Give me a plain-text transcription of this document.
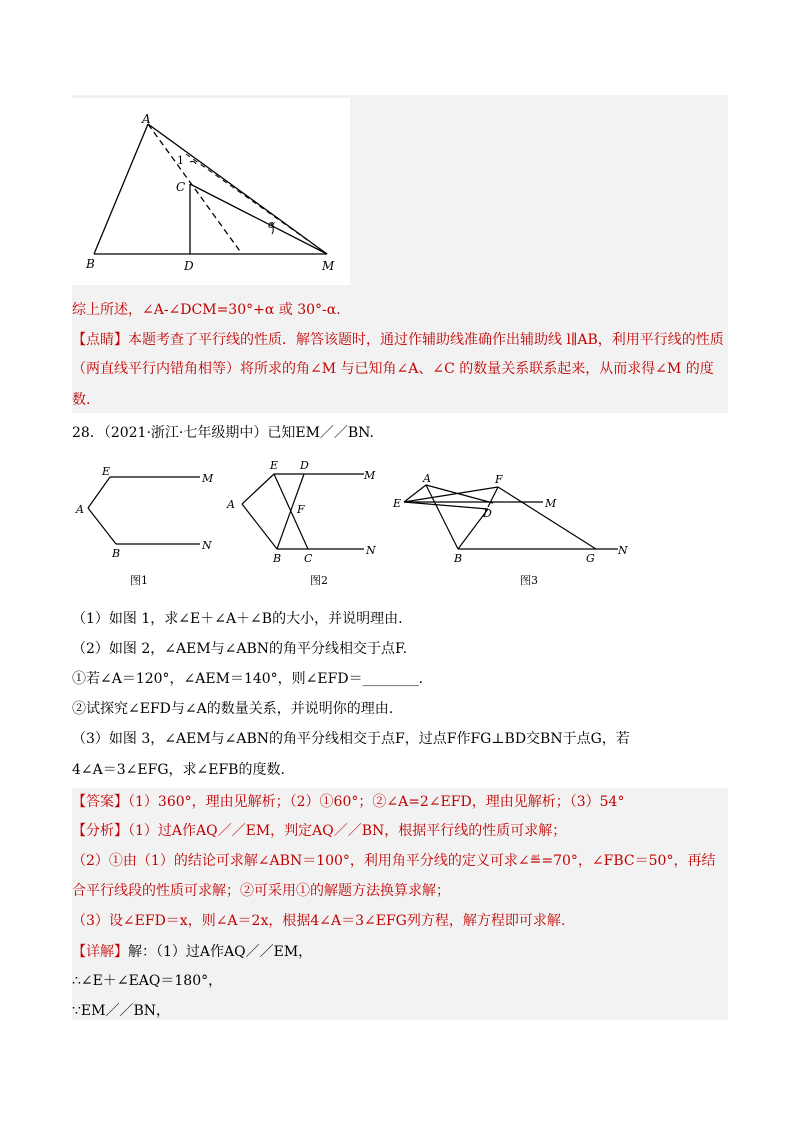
A
B
C
D	M
1
α
综上所述，∠A-∠DCM=30°+α 或 30°-α.
【点睛】本题考查了平行线的性质．解答该题时，通过作辅助线准确作出辅助线 l∥AB，利用平行线的性质
（两直线平行内错角相等）将所求的角∠M 与已知角∠A、∠C 的数量关系联系起来，从而求得∠M 的度
数.
28．（2021·浙江·七年级期中）已知EM／／BN.
E
M
A
B
N
图1
E D
M
A	F
B C
N
图2
A	F
E
D
M
B	G
N
图3
（1）如图 1，求∠E＋∠A＋∠B的大小，并说明理由.
（2）如图 2，∠AEM与∠ABN的角平分线相交于点F.
①若∠A＝120°，∠AEM＝140°，则∠EFD＝________.
②试探究∠EFD与∠A的数量关系，并说明你的理由.
（3）如图 3，∠AEM与∠ABN的角平分线相交于点F，过点F作FG⊥BD交BN于点G，若
4∠A＝3∠EFG，求∠EFB的度数.
【答案】（1）360°，理由见解析；（2）①60°；②∠A=2∠EFD，理由见解析；（3）54°
【分析】（1）过A作AQ／／EM，判定AQ／／BN，根据平行线的性质可求解；
（2）①由（1）的结论可求解∠ABN＝100°，利用角平分线的定义可求∠≝=70°，∠FBC＝50°，再结
合平行线段的性质可求解；②可采用①的解题方法换算求解；
（3）设∠EFD＝x，则∠A＝2x，根据4∠A＝3∠EFG列方程，解方程即可求解.
【详解】解：（1）过A作AQ／／EM，
∴∠E＋∠EAQ＝180°，
∵EM／／BN，
